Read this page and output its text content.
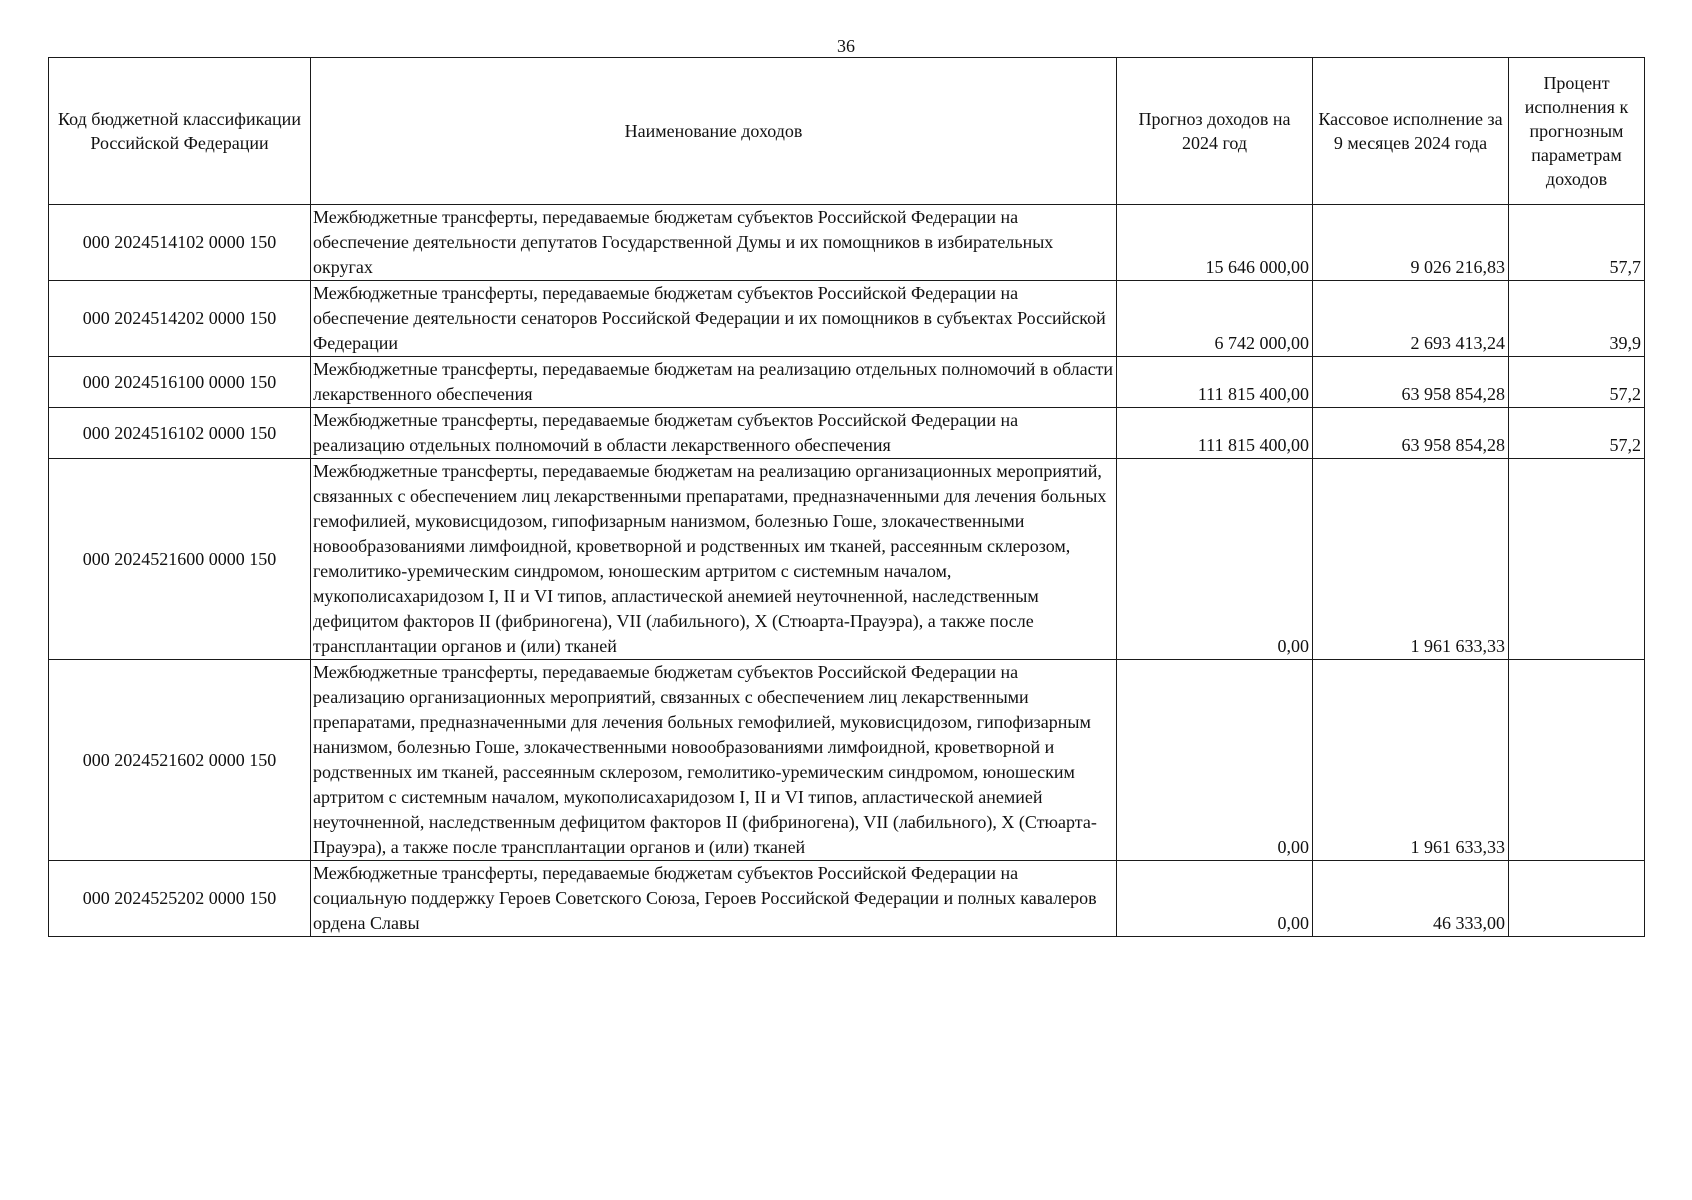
36
Код бюджетной классификации Российской Федерации	Наименование доходов	Прогноз доходов на 2024 год	Кассовое исполнение за 9 месяцев 2024 года	Процент исполнения к прогнозным параметрам доходов
000 2024514102 0000 150	Межбюджетные трансферты, передаваемые бюджетам субъектов Российской Федерации на обеспечение деятельности депутатов Государственной Думы и их помощников в избирательных округах	15 646 000,00	9 026 216,83	57,7
000 2024514202 0000 150	Межбюджетные трансферты, передаваемые бюджетам субъектов Российской Федерации на обеспечение деятельности сенаторов Российской Федерации и их помощников в субъектах Российской Федерации	6 742 000,00	2 693 413,24	39,9
000 2024516100 0000 150	Межбюджетные трансферты, передаваемые бюджетам на реализацию отдельных полномочий в области лекарственного обеспечения	111 815 400,00	63 958 854,28	57,2
000 2024516102 0000 150	Межбюджетные трансферты, передаваемые бюджетам субъектов Российской Федерации на реализацию отдельных полномочий в области лекарственного обеспечения	111 815 400,00	63 958 854,28	57,2
000 2024521600 0000 150	Межбюджетные трансферты, передаваемые бюджетам на реализацию организационных мероприятий, связанных с обеспечением лиц лекарственными препаратами, предназначенными для лечения больных гемофилией, муковисцидозом, гипофизарным нанизмом, болезнью Гоше, злокачественными новообразованиями лимфоидной, кроветворной и родственных им тканей, рассеянным склерозом, гемолитико-уремическим синдромом, юношеским артритом с системным началом, мукополисахаридозом I, II и VI типов, апластической анемией неуточненной, наследственным дефицитом факторов II (фибриногена), VII (лабильного), X (Стюарта-Прауэра), а также после трансплантации органов и (или) тканей	0,00	1 961 633,33	
000 2024521602 0000 150	Межбюджетные трансферты, передаваемые бюджетам субъектов Российской Федерации на реализацию организационных мероприятий, связанных с обеспечением лиц лекарственными препаратами, предназначенными для лечения больных гемофилией, муковисцидозом, гипофизарным нанизмом, болезнью Гоше, злокачественными новообразованиями лимфоидной, кроветворной и родственных им тканей, рассеянным склерозом, гемолитико-уремическим синдромом, юношеским артритом с системным началом, мукополисахаридозом I, II и VI типов, апластической анемией неуточненной, наследственным дефицитом факторов II (фибриногена), VII (лабильного), X (Стюарта-Прауэра), а также после трансплантации органов и (или) тканей	0,00	1 961 633,33	
000 2024525202 0000 150	Межбюджетные трансферты, передаваемые бюджетам субъектов Российской Федерации на социальную поддержку Героев Советского Союза, Героев Российской Федерации и полных кавалеров ордена Славы	0,00	46 333,00	
